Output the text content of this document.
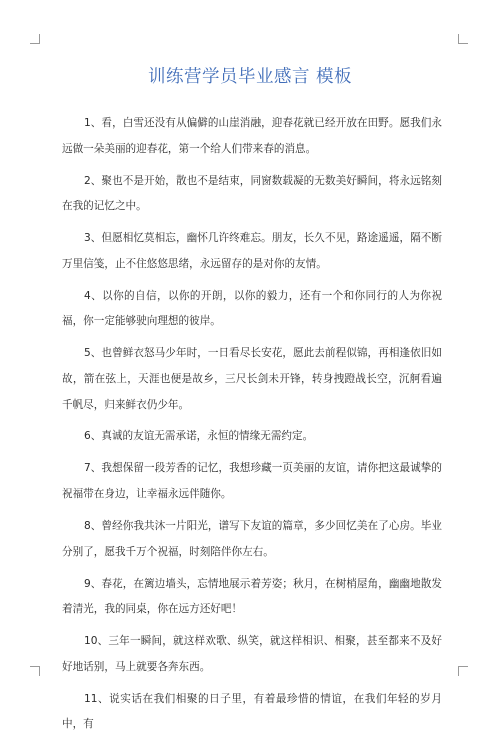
训练营学员毕业感言 模板

1、看，白雪还没有从偏僻的山崖消融，迎春花就已经开放在田野。愿我们永远做一朵美丽的迎春花，第一个给人们带来春的消息。

2、聚也不是开始，散也不是结束，同窗数载凝的无数美好瞬间，将永远铭刻在我的记忆之中。

3、但愿相忆莫相忘，幽怀几许终难忘。朋友，长久不见，路途遥遥，隔不断万里信笺，止不住悠悠思绪，永远留存的是对你的友情。

4、以你的自信，以你的开朗，以你的毅力，还有一个和你同行的人为你祝福，你一定能够驶向理想的彼岸。

5、也曾鲜衣怒马少年时，一日看尽长安花，愿此去前程似锦，再相逢依旧如故，箭在弦上，天涯也便是故乡，三尺长剑未开锋，转身拽蹬战长空，沉舸看遍千帆尽，归来鲜衣仍少年。

6、真诚的友谊无需承诺，永恒的情缘无需约定。

7、我想保留一段芳香的记忆，我想珍藏一页美丽的友谊，请你把这最诚挚的祝福带在身边，让幸福永远伴随你。

8、曾经你我共沐一片阳光，谱写下友谊的篇章，多少回忆美在了心房。毕业分别了，愿我千万个祝福，时刻陪伴你左右。

9、春花，在篱边墙头，忘情地展示着芳姿；秋月，在树梢屋角，幽幽地散发着清光，我的同桌，你在远方还好吧！

10、三年一瞬间，就这样欢歌、纵笑，就这样相识、相聚，甚至都来不及好好地话别，马上就要各奔东西。

11、说实话在我们相聚的日子里，有着最珍惜的情谊，在我们年轻的岁月中，有
